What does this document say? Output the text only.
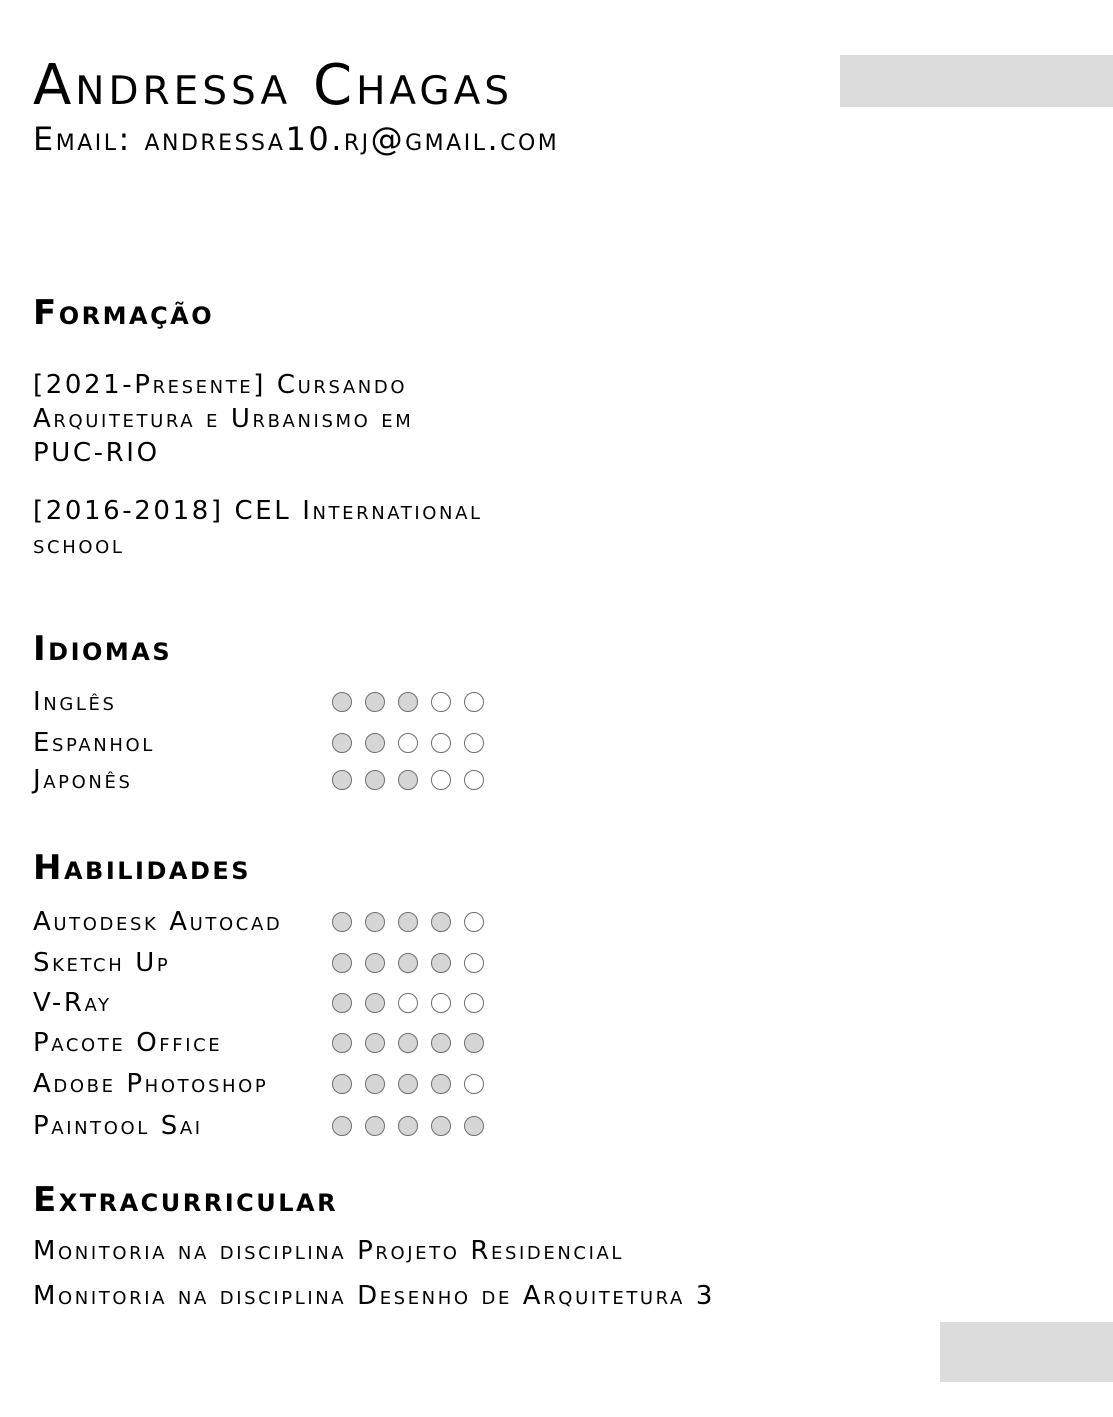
Andressa Chagas
Email: andressa10.rj@gmail.com
Formação

[2021-Presente] Cursando
Arquitetura e Urbanismo em
PUC-RIO

[2016-2018] CEL International
school

Idiomas
Inglês
Espanhol
Japonês
Habilidades
Autodesk Autocad
Sketch Up
V-Ray
Pacote Office
Adobe Photoshop
Paintool Sai
Extracurricular

Monitoria na disciplina Projeto Residencial

Monitoria na disciplina Desenho de Arquitetura 3
